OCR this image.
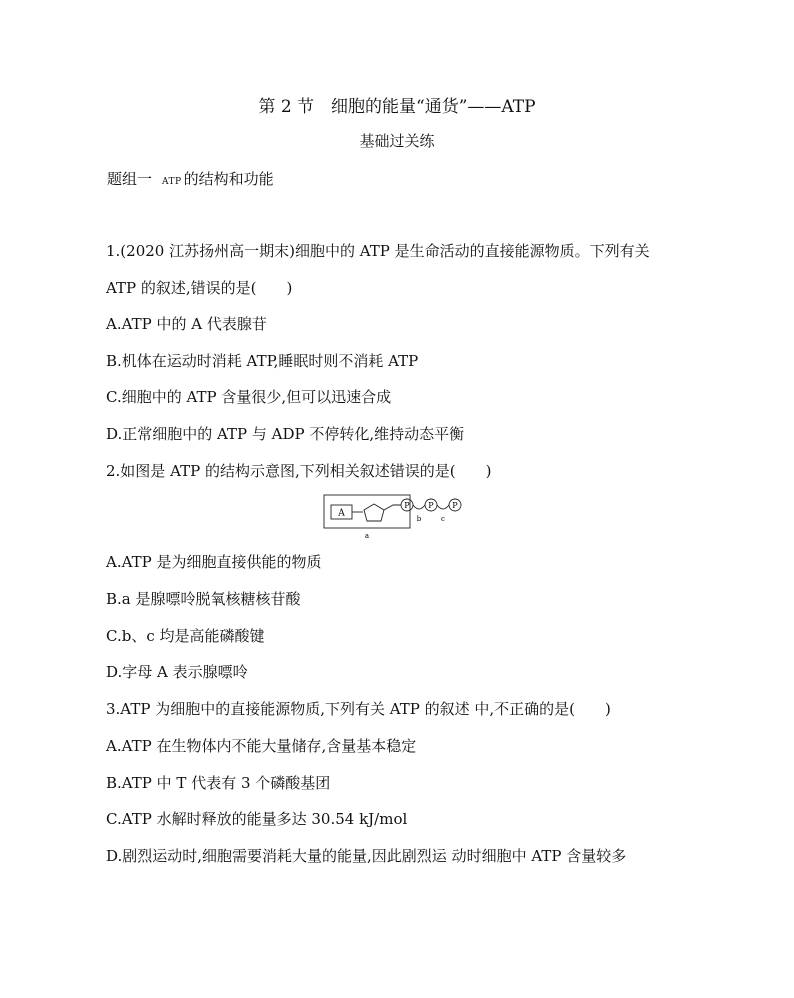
第 2 节　细胞的能量“通货”——ATP
基础过关练
题组一 ATP 的结构和功能
1.(2020 江苏扬州高一期末)细胞中的 ATP 是生命活动的直接能源物质。下列有关
ATP 的叙述,错误的是(　　)
A.ATP 中的 A 代表腺苷
B.机体在运动时消耗 ATP,睡眠时则不消耗 ATP
C.细胞中的 ATP 含量很少,但可以迅速合成
D.正常细胞中的 ATP 与 ADP 不停转化,维持动态平衡
2.如图是 ATP 的结构示意图,下列相关叙述错误的是(　　)
A
P P P
b	c
a
A.ATP 是为细胞直接供能的物质
B.a 是腺嘌呤脱氧核糖核苷酸
C.b、c 均是高能磷酸键
D.字母 A 表示腺嘌呤
3.ATP 为细胞中的直接能源物质,下列有关 ATP 的叙述 中,不正确的是(　　)
A.ATP 在生物体内不能大量储存,含量基本稳定
B.ATP 中 T 代表有 3 个磷酸基团
C.ATP 水解时释放的能量多达 30.54 kJ/mol
D.剧烈运动时,细胞需要消耗大量的能量,因此剧烈运 动时细胞中 ATP 含量较多
